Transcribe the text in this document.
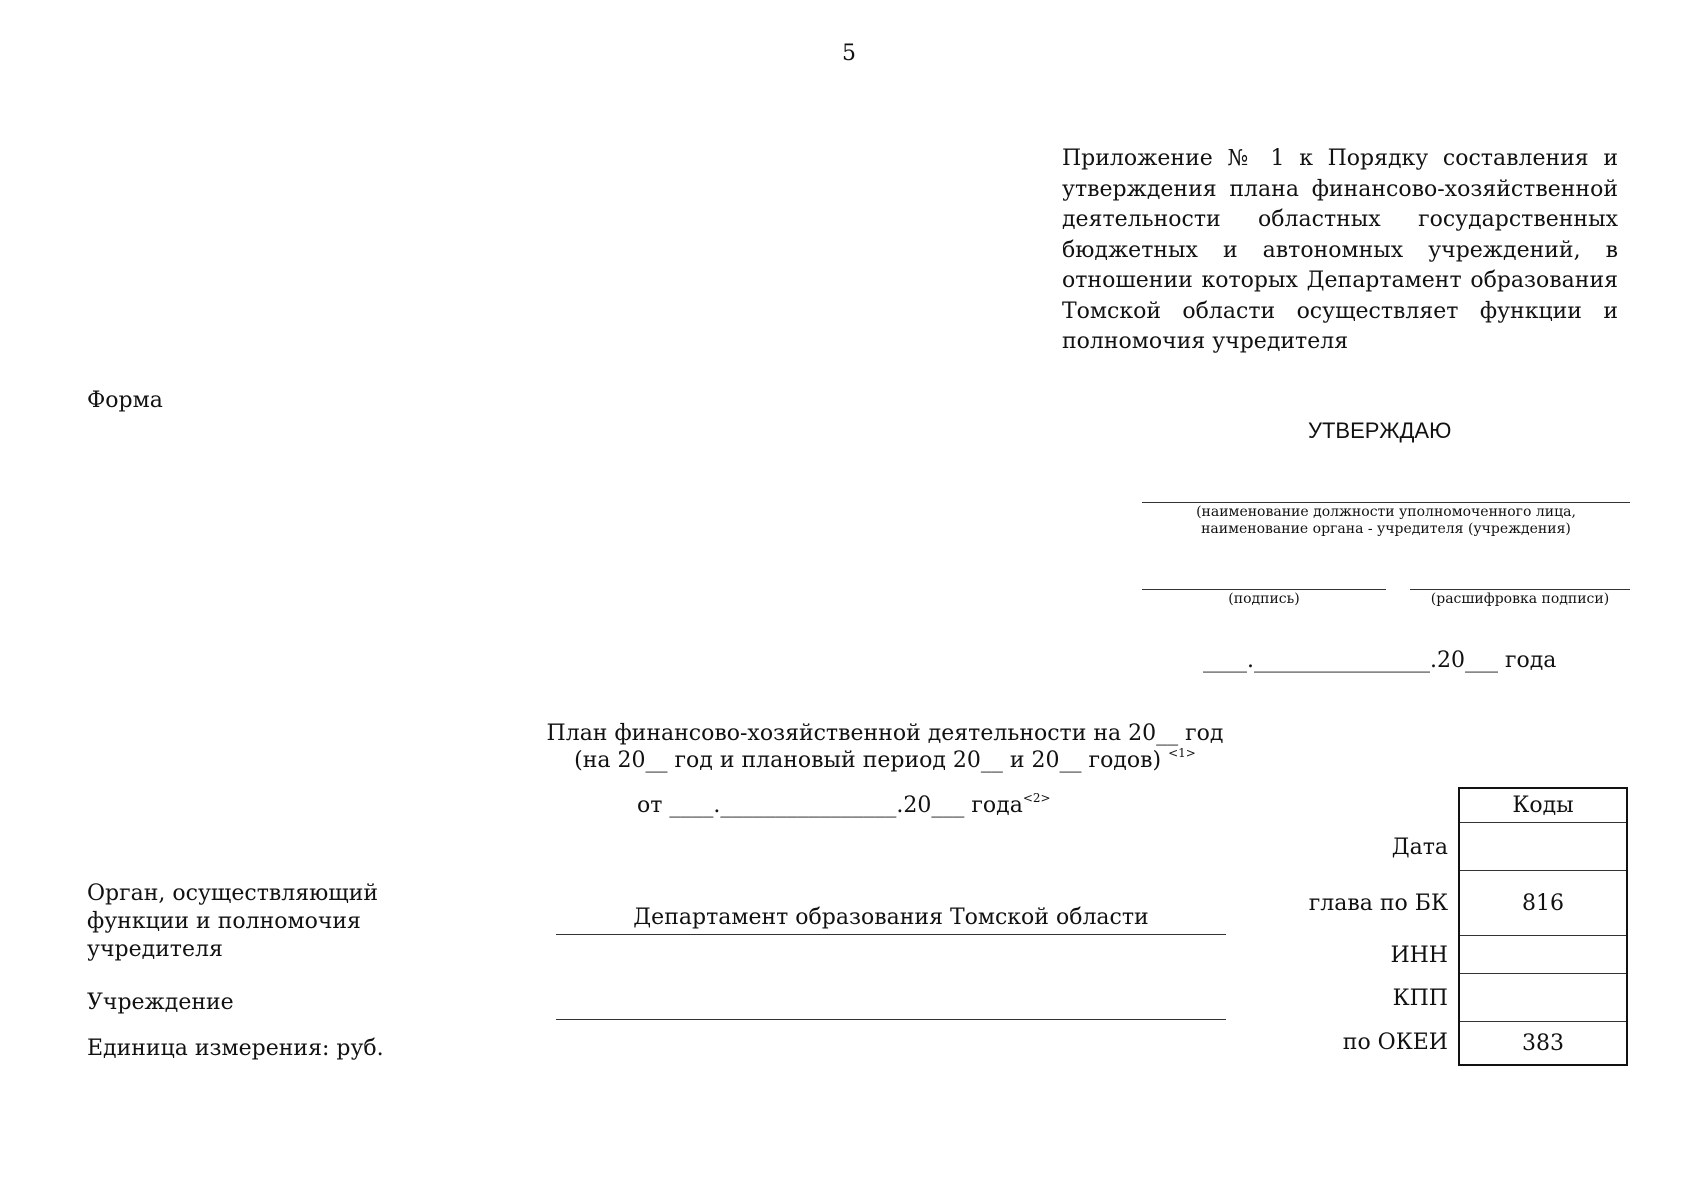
5
Приложение № 1 к Порядку составления и утверждения плана финансово-хозяйственной деятельности областных государственных бюджетных и автономных учреждений, в отношении которых Департамент образования Томской области осуществляет функции и полномочия учредителя
Форма
УТВЕРЖДАЮ
(наименование должности уполномоченного лица, наименование органа - учредителя (учреждения)
(подпись)	(расшифровка подписи)
____.________________.20___ года
План финансово-хозяйственной деятельности на 20__ год
(на 20__ год и плановый период 20__ и 20__ годов) $^{<1>}$
от ____.________________.20___ года$^{<2>}$
Орган, осуществляющий функции и полномочия учредителя
Департамент образования Томской области
Учреждение
Единица измерения: руб.
Дата
глава по БК
ИНН
КПП
по ОКЕИ
Коды
816
383
